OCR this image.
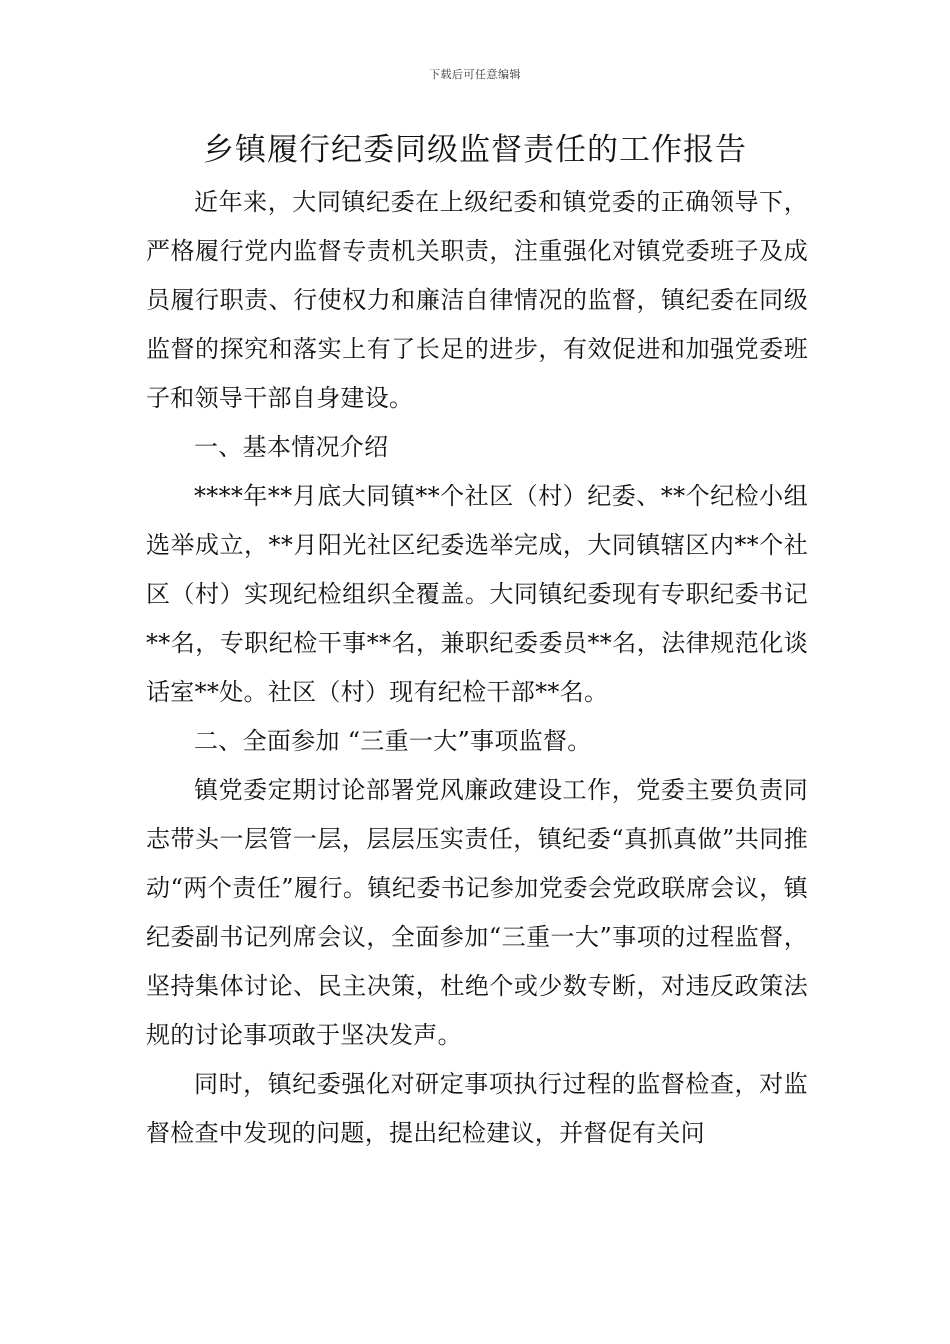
下载后可任意编辑
乡镇履行纪委同级监督责任的工作报告

近年来，大同镇纪委在上级纪委和镇党委的正确领导下，严格履行党内监督专责机关职责，注重强化对镇党委班子及成员履行职责、行使权力和廉洁自律情况的监督，镇纪委在同级监督的探究和落实上有了长足的进步，有效促进和加强党委班子和领导干部自身建设。

一、基本情况介绍

****年**月底大同镇**个社区（村）纪委、**个纪检小组选举成立，**月阳光社区纪委选举完成，大同镇辖区内**个社区（村）实现纪检组织全覆盖。大同镇纪委现有专职纪委书记**名，专职纪检干事**名，兼职纪委委员**名，法律规范化谈话室**处。社区（村）现有纪检干部**名。

二、全面参加 “三重一大”事项监督。

镇党委定期讨论部署党风廉政建设工作，党委主要负责同志带头一层管一层，层层压实责任，镇纪委“真抓真做”共同推动“两个责任”履行。镇纪委书记参加党委会党政联席会议，镇纪委副书记列席会议，全面参加“三重一大”事项的过程监督，坚持集体讨论、民主决策，杜绝个或少数专断，对违反政策法规的讨论事项敢于坚决发声。

同时，镇纪委强化对研定事项执行过程的监督检查，对监督检查中发现的问题，提出纪检建议，并督促有关问
